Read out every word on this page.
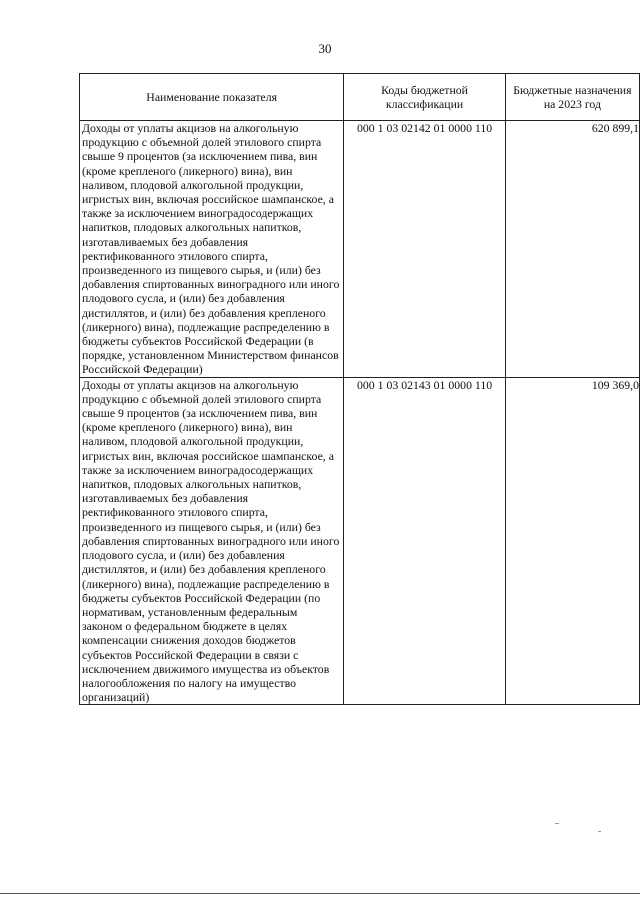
30
Наименование показателя	Коды бюджетной классификации	Бюджетные назначения на 2023 год
Доходы от уплаты акцизов на алкогольную продукцию с объемной долей этилового спирта свыше 9 процентов (за исключением пива, вин (кроме крепленого (ликерного) вина), вин наливом, плодовой алкогольной продукции, игристых вин, включая российское шампанское, а также за исключением виноградосодержащих напитков, плодовых алкогольных напитков, изготавливаемых без добавления ректификованного этилового спирта, произведенного из пищевого сырья, и (или) без добавления спиртованных виноградного или иного плодового сусла, и (или) без добавления дистиллятов, и (или) без добавления крепленого (ликерного) вина), подлежащие распределению в бюджеты субъектов Российской Федерации (в порядке, установленном Министерством финансов Российской Федерации)	000 1 03 02142 01 0000 110	620 899,1
Доходы от уплаты акцизов на алкогольную продукцию с объемной долей этилового спирта свыше 9 процентов (за исключением пива, вин (кроме крепленого (ликерного) вина), вин наливом, плодовой алкогольной продукции, игристых вин, включая российское шампанское, а также за исключением виноградосодержащих напитков, плодовых алкогольных напитков, изготавливаемых без добавления ректификованного этилового спирта, произведенного из пищевого сырья, и (или) без добавления спиртованных виноградного или иного плодового сусла, и (или) без добавления дистиллятов, и (или) без добавления крепленого (ликерного) вина), подлежащие распределению в бюджеты субъектов Российской Федерации (по нормативам, установленным федеральным законом о федеральном бюджете в целях компенсации снижения доходов бюджетов субъектов Российской Федерации в связи с исключением движимого имущества из объектов налогообложения по налогу на имущество организаций)	000 1 03 02143 01 0000 110	109 369,0
